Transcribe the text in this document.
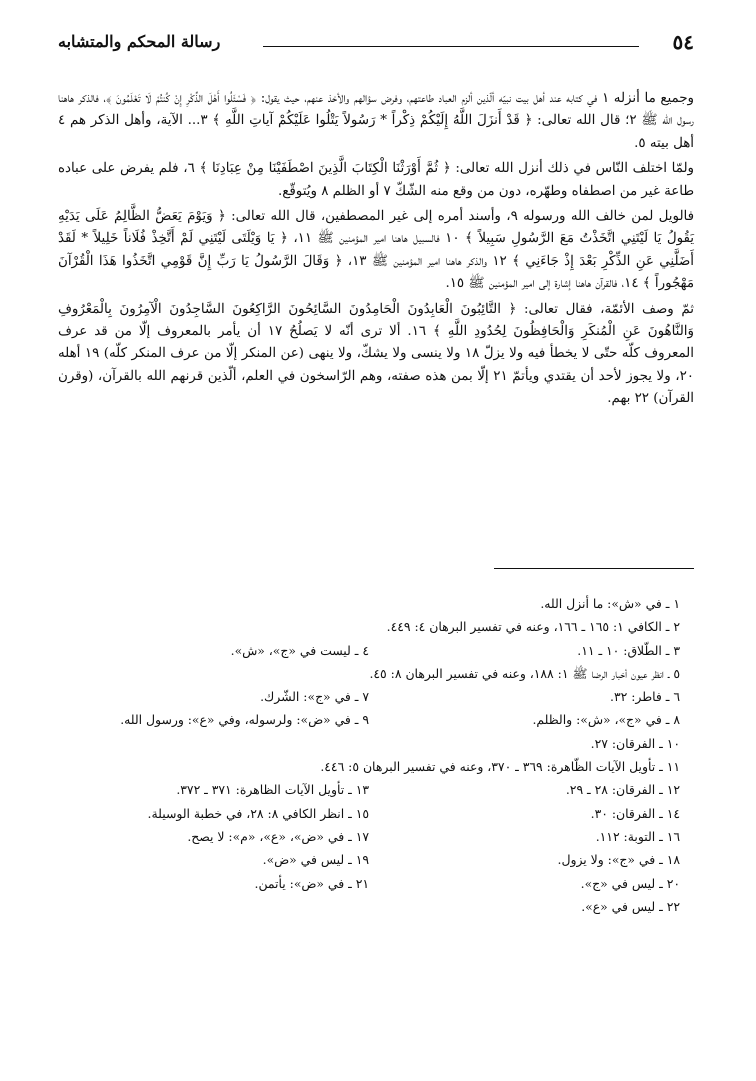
٥٤
رسالة المحكم والمتشابه

وجميع ما أنزله ١ في كتابه عند أهل بيت نبيّه ألّذين ألزم العباد طاعتهم، وفرض سؤالهم والأخذ عنهم، حيث يقول: ﴿ فَسْئَلُوا أَهْلَ الذِّكْرِ إِنْ كُنتُمْ لَا تَعْلَمُونَ ﴾، فالذكر هاهنا رسول الله ﷺ ٢؛ قال الله تعالى: ﴿ قَدْ أَنزَلَ اللَّهُ إِلَيْكُمْ ذِكْراً * رَسُولاً يَتْلُوا عَلَيْكُمْ آياتِ اللَّهِ ﴾ ٣... الآية، وأهل الذكر هم ٤ أهل بيته ٥.

ولمّا اختلف النّاس في ذلك أنزل الله تعالى: ﴿ ثُمَّ أَوْرَثْنَا الْكِتَابَ الَّذِينَ اصْطَفَيْنَا مِنْ عِبَادِنَا ﴾ ٦، فلم يفرض على عباده طاعة غير من اصطفاه وطهّره، دون من وقع منه الشّكّ ٧ أو الظلم ٨ ويُتوقّع.

فالويل لمن خالف الله ورسوله ٩، وأسند أمره إلى غير المصطفين، قال الله تعالى: ﴿ وَيَوْمَ يَعَضُّ الظَّالِمُ عَلَى يَدَيْهِ يَقُولُ يَا لَيْتَنِي اتَّخَذْتُ مَعَ الرَّسُولِ سَبِيلاً ﴾ ١٠ فالسبيل هاهنا امير المؤمنين ﷺ ١١، ﴿ يَا وَيْلَتَى لَيْتَنِي لَمْ أَتَّخِذْ فُلَاناً خَلِيلاً * لَقَدْ أَضَلَّنِي عَنِ الذِّكْرِ بَعْدَ إِذْ جَاءَنِي ﴾ ١٢ والذكر هاهنا امير المؤمنين ﷺ ١٣، ﴿ وَقَالَ الرَّسُولُ يَا رَبِّ إِنَّ قَوْمِي اتَّخَذُوا هَذَا الْقُرْآنَ مَهْجُوراً ﴾ ١٤، فالقرآن هاهنا إشارة إلى امير المؤمنين ﷺ ١٥.

ثمّ وصف الأئمّة، فقال تعالى: ﴿ التَّائِبُونَ الْعَابِدُونَ الْحَامِدُونَ السَّائِحُونَ الرَّاكِعُونَ السَّاجِدُونَ الْآمِرُونَ بِالْمَعْرُوفِ وَالنَّاهُونَ عَنِ الْمُنكَرِ وَالْحَافِظُونَ لِحُدُودِ اللَّهِ ﴾ ١٦. ألا ترى أنّه لا يَصلُحُ ١٧ أن يأمر بالمعروف إلّا من قد عرف المعروف كلّه حتّى لا يخطأ فيه ولا يزلّ ١٨ ولا ينسى ولا يشكّ، ولا ينهى (عن المنكر إلّا من عرف المنكر كلّه) ١٩ أهله ٢٠، ولا يجوز لأحد أن يقتدي ويأتمّ ٢١ إلّا بمن هذه صفته، وهم الرّاسخون في العلم، ألّذين قرنهم الله بالقرآن، (وقرن القرآن) ٢٢ بهم.

١ ـ في «ش»: ما أنزل الله.
٢ ـ الكافي ١: ١٦٥ ـ ١٦٦، وعنه في تفسير البرهان ٤: ٤٤٩.
٣ ـ الطّلاق: ١٠ ـ ١١.
٤ ـ ليست في «ج»، «ش».
٥ ـ انظر عيون أخبار الرضا ﷺ ١: ١٨٨، وعنه في تفسير البرهان ٨: ٤٥.
٦ ـ فاطر: ٣٢.
٧ ـ في «ج»: الشّرك.
٨ ـ في «ج»، «ش»: والظلم.
٩ ـ في «ض»: ولرسوله، وفي «ع»: ورسول الله.
١٠ ـ الفرقان: ٢٧.
١١ ـ تأويل الآيات الظّاهرة: ٣٦٩ ـ ٣٧٠، وعنه في تفسير البرهان ٥: ٤٤٦.
١٢ ـ الفرقان: ٢٨ ـ ٢٩.
١٣ ـ تأويل الآيات الظاهرة: ٣٧١ ـ ٣٧٢.
١٤ ـ الفرقان: ٣٠.
١٥ ـ انظر الكافي ٨: ٢٨، في خطبة الوسيلة.
١٦ ـ التوبة: ١١٢.
١٧ ـ في «ض»، «ع»، «م»: لا يصح.
١٨ ـ في «ج»: ولا يزول.
١٩ ـ ليس في «ض».
٢٠ ـ ليس في «ج».
٢١ ـ في «ض»: يأتمن.
٢٢ ـ ليس في «ع».
